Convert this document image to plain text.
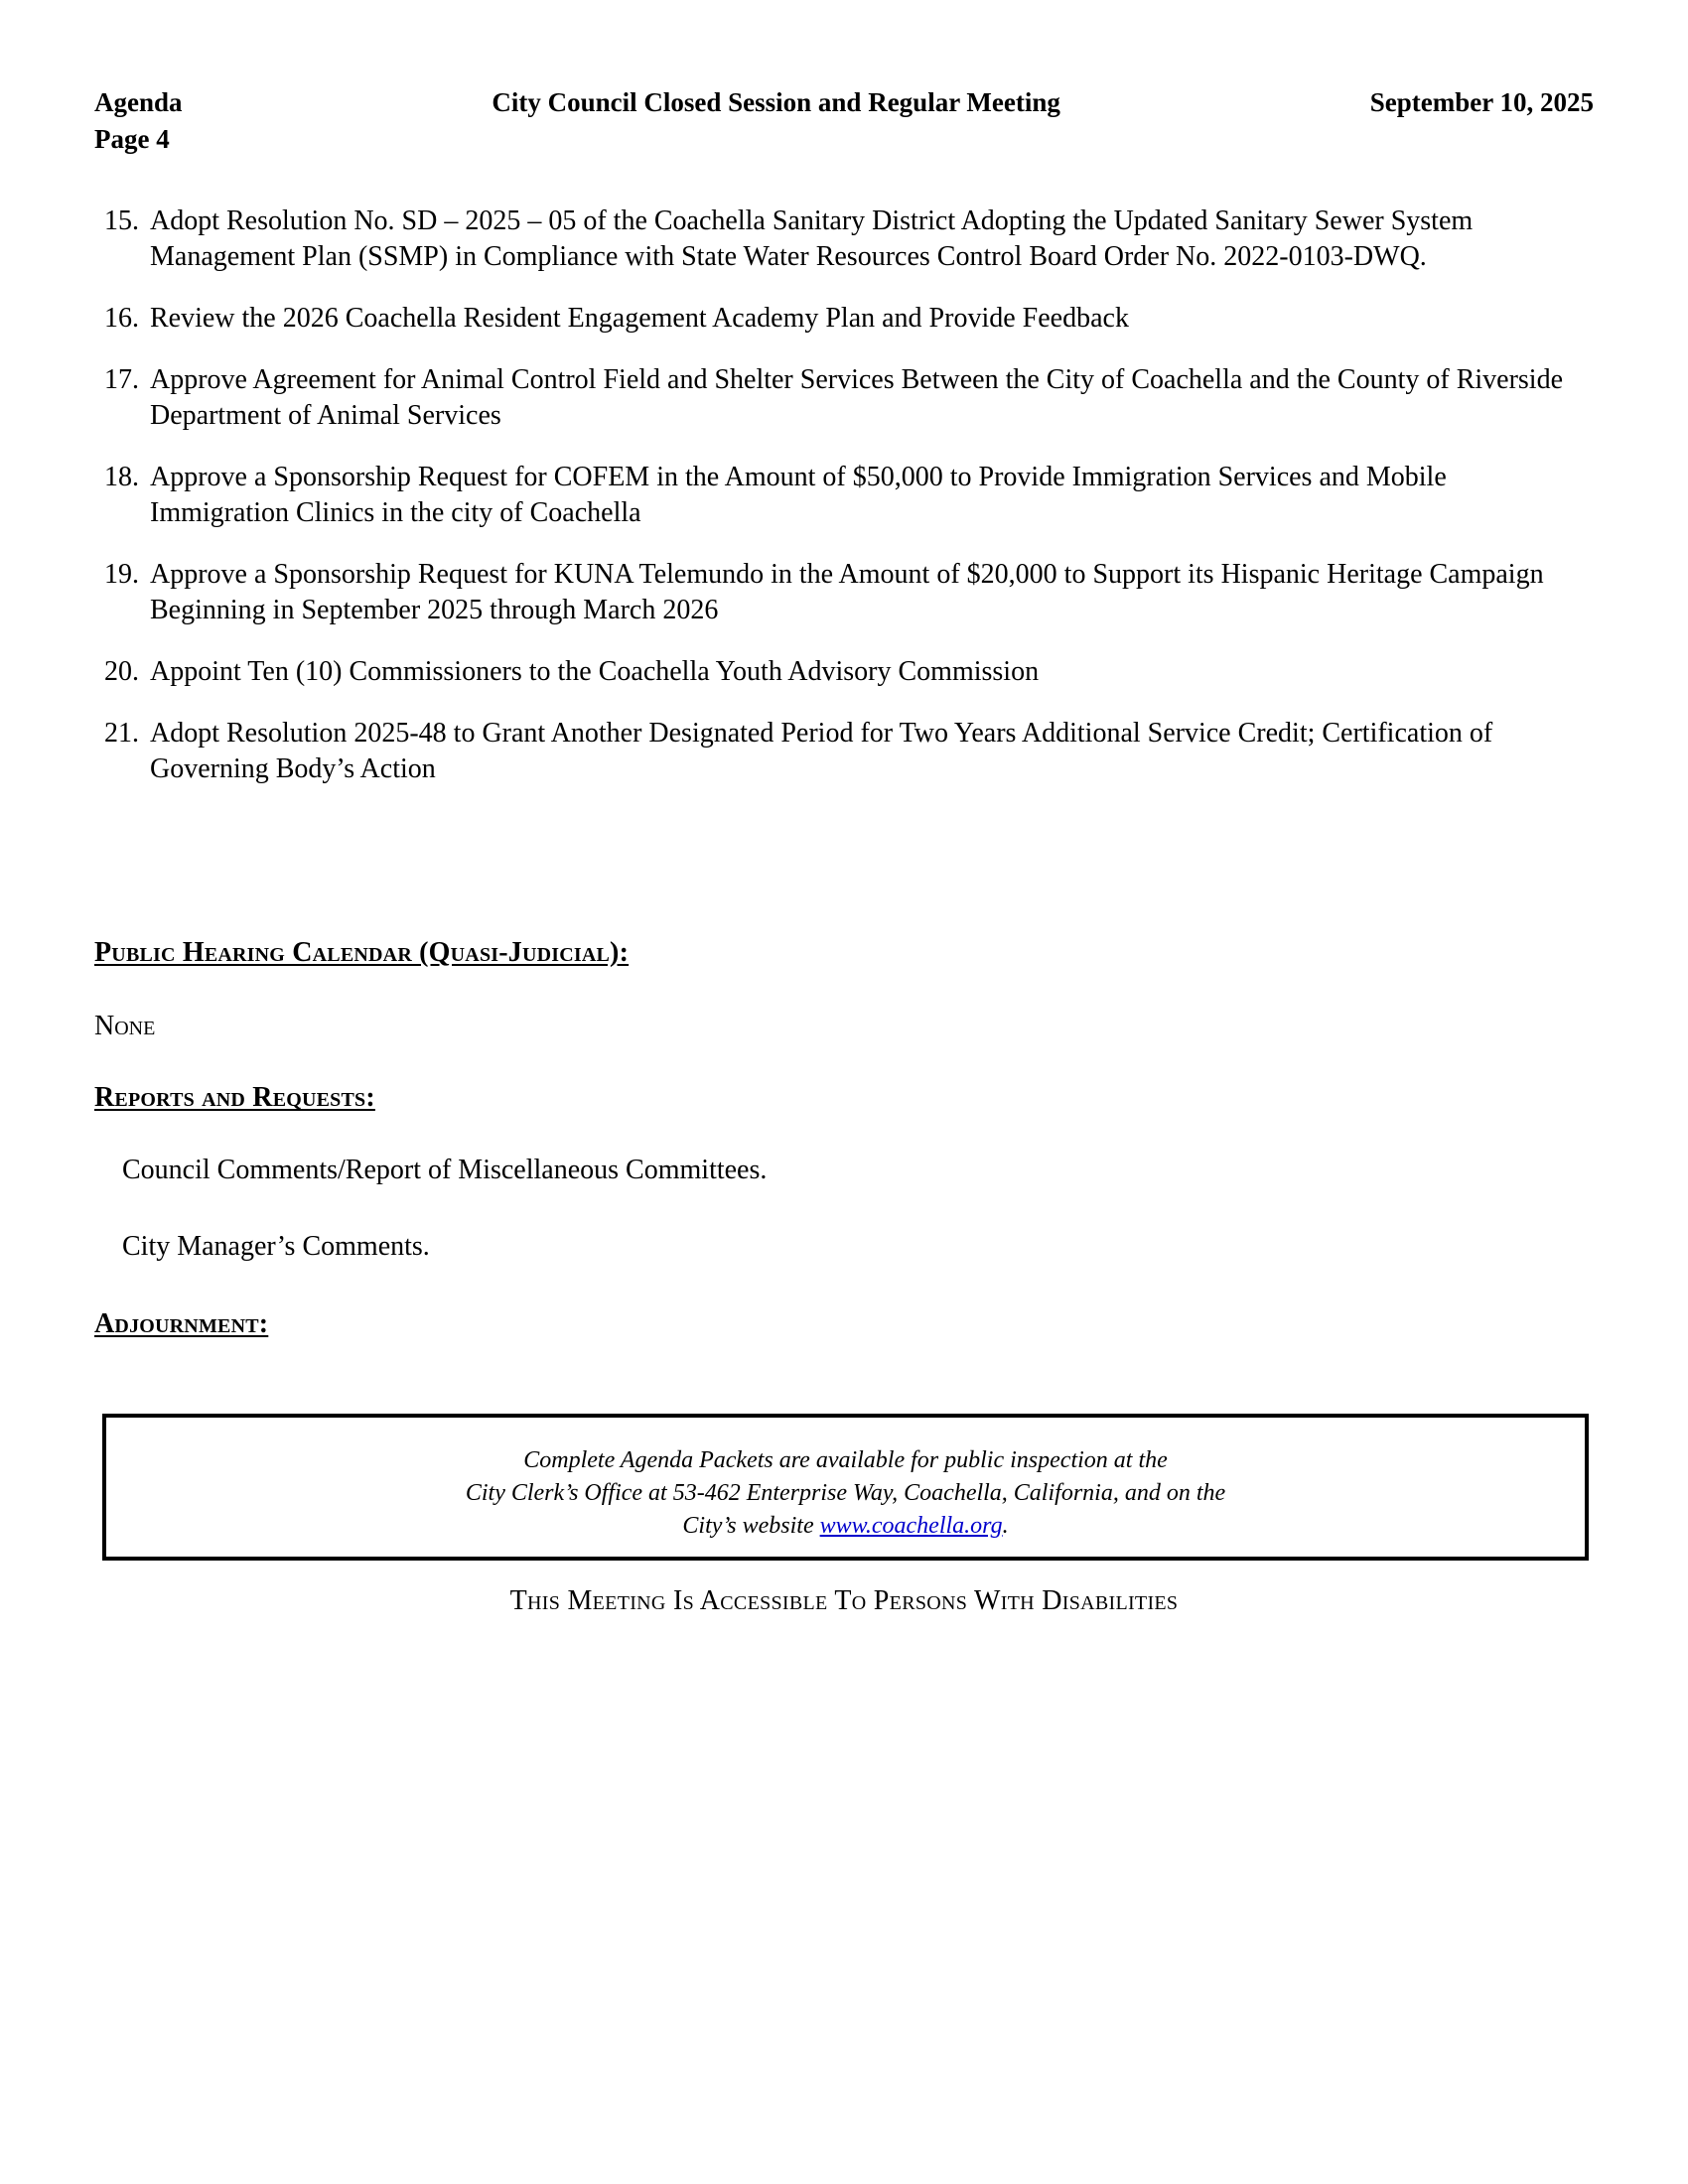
Agenda	City Council Closed Session and Regular Meeting	September 10, 2025
Page 4
15. Adopt Resolution No. SD – 2025 – 05 of the Coachella Sanitary District Adopting the Updated Sanitary Sewer System Management Plan (SSMP) in Compliance with State Water Resources Control Board Order No. 2022-0103-DWQ.
16. Review the 2026 Coachella Resident Engagement Academy Plan and Provide Feedback
17. Approve Agreement for Animal Control Field and Shelter Services Between the City of Coachella and the County of Riverside Department of Animal Services
18. Approve a Sponsorship Request for COFEM in the Amount of $50,000 to Provide Immigration Services and Mobile Immigration Clinics in the city of Coachella
19. Approve a Sponsorship Request for KUNA Telemundo in the Amount of $20,000 to Support its Hispanic Heritage Campaign Beginning in September 2025 through March 2026
20. Appoint Ten (10) Commissioners to the Coachella Youth Advisory Commission
21. Adopt Resolution 2025-48 to Grant Another Designated Period for Two Years Additional Service Credit; Certification of Governing Body’s Action
Public Hearing Calendar (Quasi-Judicial):
None
Reports and Requests:
Council Comments/Report of Miscellaneous Committees.
City Manager’s Comments.
Adjournment:
Complete Agenda Packets are available for public inspection at the
City Clerk’s Office at 53-462 Enterprise Way, Coachella, California, and on the
City’s website www.coachella.org.
This Meeting Is Accessible To Persons With Disabilities
